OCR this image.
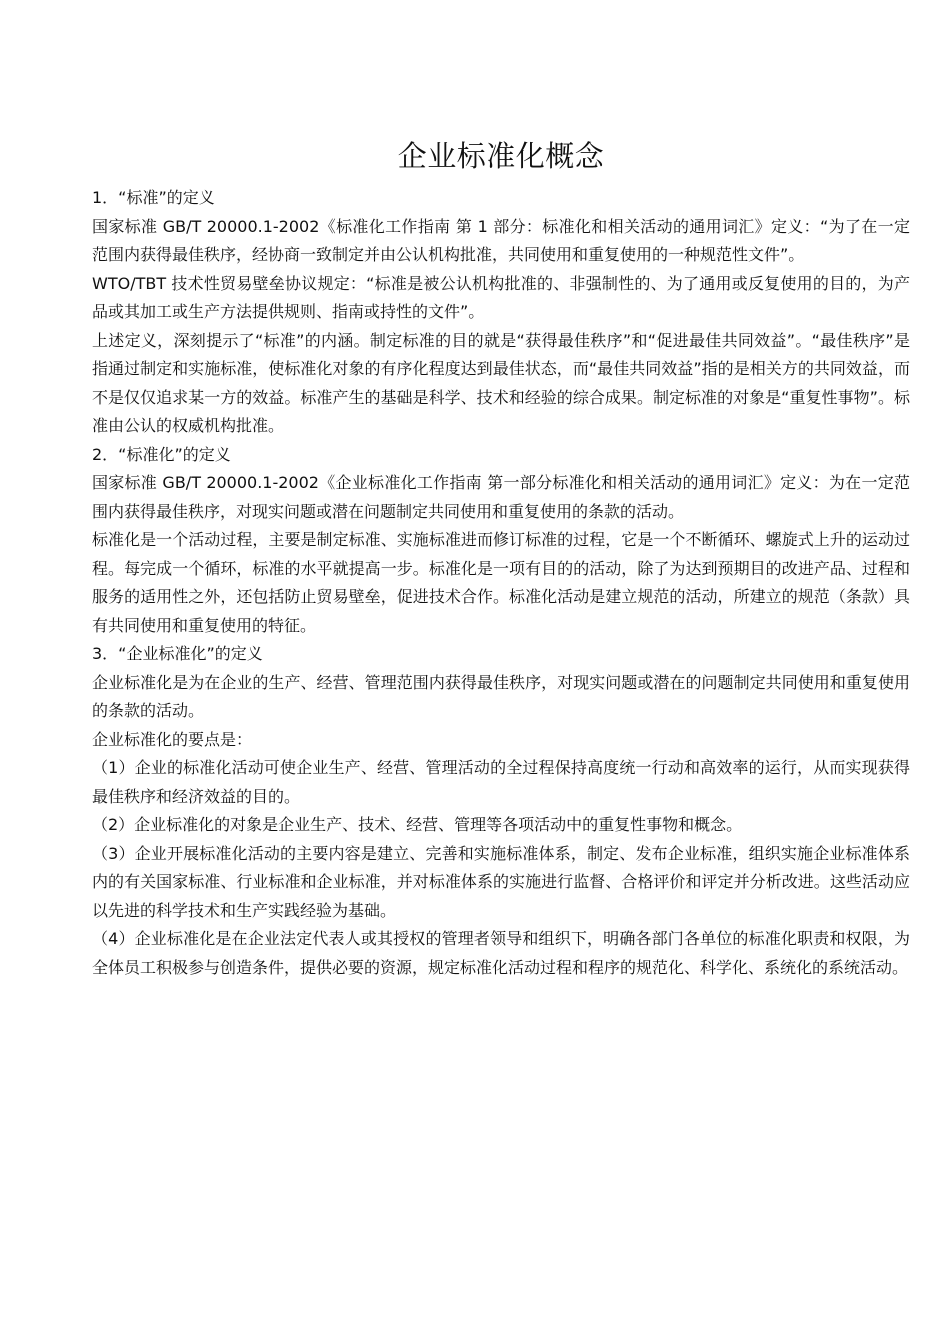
企业标准化概念

1．“标准”的定义

国家标准 GB/T 20000.1-2002《标准化工作指南 第 1 部分：标准化和相关活动的通用词汇》定义：“为了在一定范围内获得最佳秩序，经协商一致制定并由公认机构批准，共同使用和重复使用的一种规范性文件”。

WTO/TBT 技术性贸易壁垒协议规定：“标准是被公认机构批准的、非强制性的、为了通用或反复使用的目的，为产品或其加工或生产方法提供规则、指南或持性的文件”。

上述定义，深刻提示了“标准”的内涵。制定标准的目的就是“获得最佳秩序”和“促进最佳共同效益”。“最佳秩序”是指通过制定和实施标准，使标准化对象的有序化程度达到最佳状态，而“最佳共同效益”指的是相关方的共同效益，而不是仅仅追求某一方的效益。标准产生的基础是科学、技术和经验的综合成果。制定标准的对象是“重复性事物”。标准由公认的权威机构批准。

2．“标准化”的定义

国家标准 GB/T 20000.1-2002《企业标准化工作指南 第一部分标准化和相关活动的通用词汇》定义：为在一定范围内获得最佳秩序，对现实问题或潜在问题制定共同使用和重复使用的条款的活动。

标准化是一个活动过程，主要是制定标准、实施标准进而修订标准的过程，它是一个不断循环、螺旋式上升的运动过程。每完成一个循环，标准的水平就提高一步。标准化是一项有目的的活动，除了为达到预期目的改进产品、过程和服务的适用性之外，还包括防止贸易壁垒，促进技术合作。标准化活动是建立规范的活动，所建立的规范（条款）具有共同使用和重复使用的特征。

3．“企业标准化”的定义

企业标准化是为在企业的生产、经营、管理范围内获得最佳秩序，对现实问题或潜在的问题制定共同使用和重复使用的条款的活动。

企业标准化的要点是：

（1）企业的标准化活动可使企业生产、经营、管理活动的全过程保持高度统一行动和高效率的运行，从而实现获得最佳秩序和经济效益的目的。

（2）企业标准化的对象是企业生产、技术、经营、管理等各项活动中的重复性事物和概念。

（3）企业开展标准化活动的主要内容是建立、完善和实施标准体系，制定、发布企业标准，组织实施企业标准体系内的有关国家标准、行业标准和企业标准，并对标准体系的实施进行监督、合格评价和评定并分析改进。这些活动应以先进的科学技术和生产实践经验为基础。

（4）企业标准化是在企业法定代表人或其授权的管理者领导和组织下，明确各部门各单位的标准化职责和权限，为全体员工积极参与创造条件，提供必要的资源，规定标准化活动过程和程序的规范化、科学化、系统化的系统活动。
